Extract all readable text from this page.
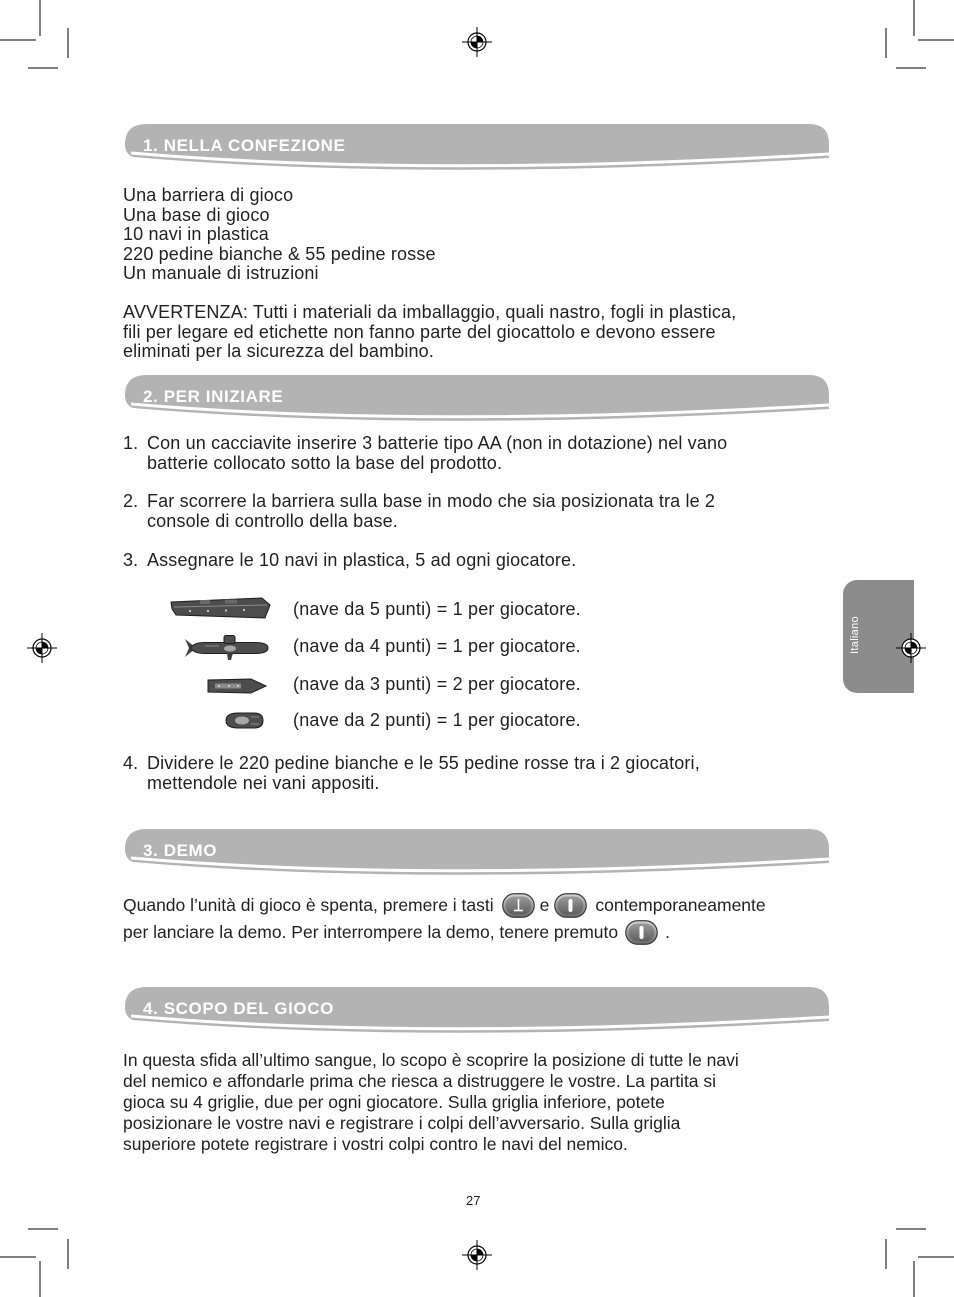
Italiano
1. NELLA CONFEZIONE
Una barriera di gioco
Una base di gioco
10 navi in plastica
220 pedine bianche & 55 pedine rosse
Un manuale di istruzioni
AVVERTENZA: Tutti i materiali da imballaggio, quali nastro, fogli in plastica,
fili per legare ed etichette non fanno parte del giocattolo e devono essere
eliminati per la sicurezza del bambino.
2. PER INIZIARE
1. Con un cacciavite inserire 3 batterie tipo AA (non in dotazione) nel vano
batterie collocato sotto la base del prodotto.
2. Far scorrere la barriera sulla base in modo che sia posizionata tra le 2
console di controllo della base.
3. Assegnare le 10 navi in plastica, 5 ad ogni giocatore.
(nave da 5 punti) = 1 per giocatore.
(nave da 4 punti) = 1 per giocatore.
(nave da 3 punti) = 2 per giocatore.
(nave da 2 punti) = 1 per giocatore.
4. Dividere le 220 pedine bianche e le 55 pedine rosse tra i 2 giocatori,
mettendole nei vani appositi.
3. DEMO
Quando l’unità di gioco è spenta, premere i tasti	e	contemporaneamente
per lanciare la demo. Per interrompere la demo, tenere premuto	.
4. SCOPO DEL GIOCO
In questa sfida all’ultimo sangue, lo scopo è scoprire la posizione di tutte le navi
del nemico e affondarle prima che riesca a distruggere le vostre. La partita si
gioca su 4 griglie, due per ogni giocatore. Sulla griglia inferiore, potete
posizionare le vostre navi e registrare i colpi dell’avversario. Sulla griglia
superiore potete registrare i vostri colpi contro le navi del nemico.
27
